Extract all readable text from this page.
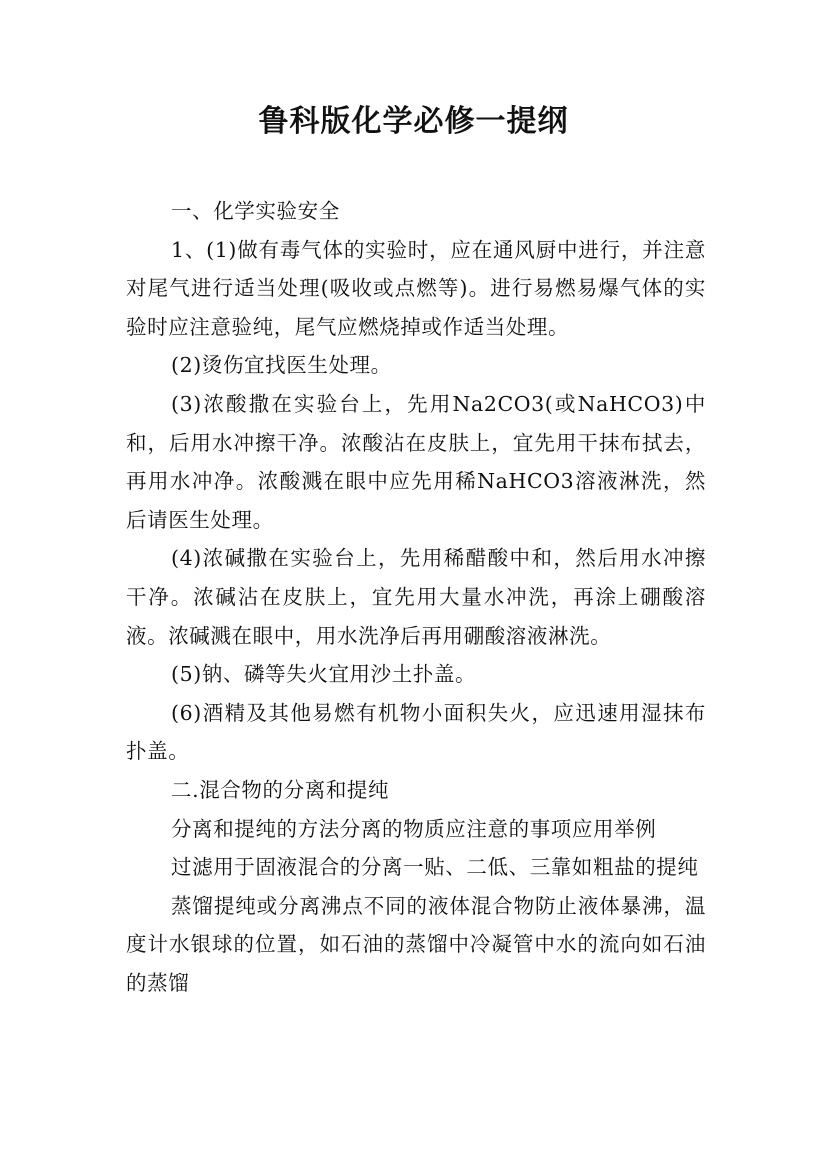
鲁科版化学必修一提纲

一、化学实验安全

1、(1)做有毒气体的实验时，应在通风厨中进行，并注意对尾气进行适当处理(吸收或点燃等)。进行易燃易爆气体的实验时应注意验纯，尾气应燃烧掉或作适当处理。

(2)烫伤宜找医生处理。

(3)浓酸撒在实验台上，先用Na2CO3(或NaHCO3)中和，后用水冲擦干净。浓酸沾在皮肤上，宜先用干抹布拭去，再用水冲净。浓酸溅在眼中应先用稀NaHCO3溶液淋洗，然后请医生处理。

(4)浓碱撒在实验台上，先用稀醋酸中和，然后用水冲擦干净。浓碱沾在皮肤上，宜先用大量水冲洗，再涂上硼酸溶液。浓碱溅在眼中，用水洗净后再用硼酸溶液淋洗。

(5)钠、磷等失火宜用沙土扑盖。

(6)酒精及其他易燃有机物小面积失火，应迅速用湿抹布扑盖。

二.混合物的分离和提纯

分离和提纯的方法分离的物质应注意的事项应用举例

过滤用于固液混合的分离一贴、二低、三靠如粗盐的提纯

蒸馏提纯或分离沸点不同的液体混合物防止液体暴沸，温度计水银球的位置，如石油的蒸馏中冷凝管中水的流向如石油的蒸馏
